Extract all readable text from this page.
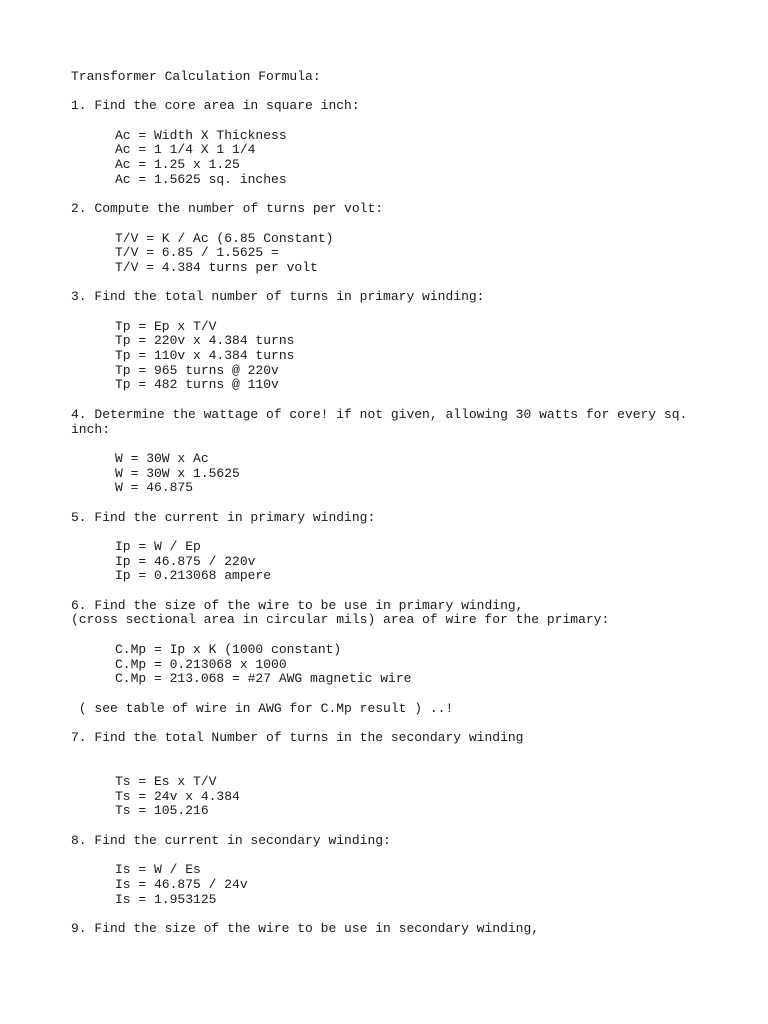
Transformer Calculation Formula:
1. Find the core area in square inch:
Ac = Width X Thickness
Ac = 1 1/4 X 1 1/4
Ac = 1.25 x 1.25
Ac = 1.5625 sq. inches
2. Compute the number of turns per volt:
T/V = K / Ac (6.85 Constant)
T/V = 6.85 / 1.5625 =
T/V = 4.384 turns per volt
3. Find the total number of turns in primary winding:
Tp = Ep x T/V
Tp = 220v x 4.384 turns
Tp = 110v x 4.384 turns
Tp = 965 turns @ 220v
Tp = 482 turns @ 110v
4. Determine the wattage of core! if not given, allowing 30 watts for every sq.
inch:
W = 30W x Ac
W = 30W x 1.5625
W = 46.875
5. Find the current in primary winding:
Ip = W / Ep
Ip = 46.875 / 220v
Ip = 0.213068 ampere
6. Find the size of the wire to be use in primary winding,
(cross sectional area in circular mils) area of wire for the primary:
C.Mp = Ip x K (1000 constant)
C.Mp = 0.213068 x 1000
C.Mp = 213.068 = #27 AWG magnetic wire
( see table of wire in AWG for C.Mp result ) ..!
7. Find the total Number of turns in the secondary winding
Ts = Es x T/V
Ts = 24v x 4.384
Ts = 105.216
8. Find the current in secondary winding:
Is = W / Es
Is = 46.875 / 24v
Is = 1.953125
9. Find the size of the wire to be use in secondary winding,
